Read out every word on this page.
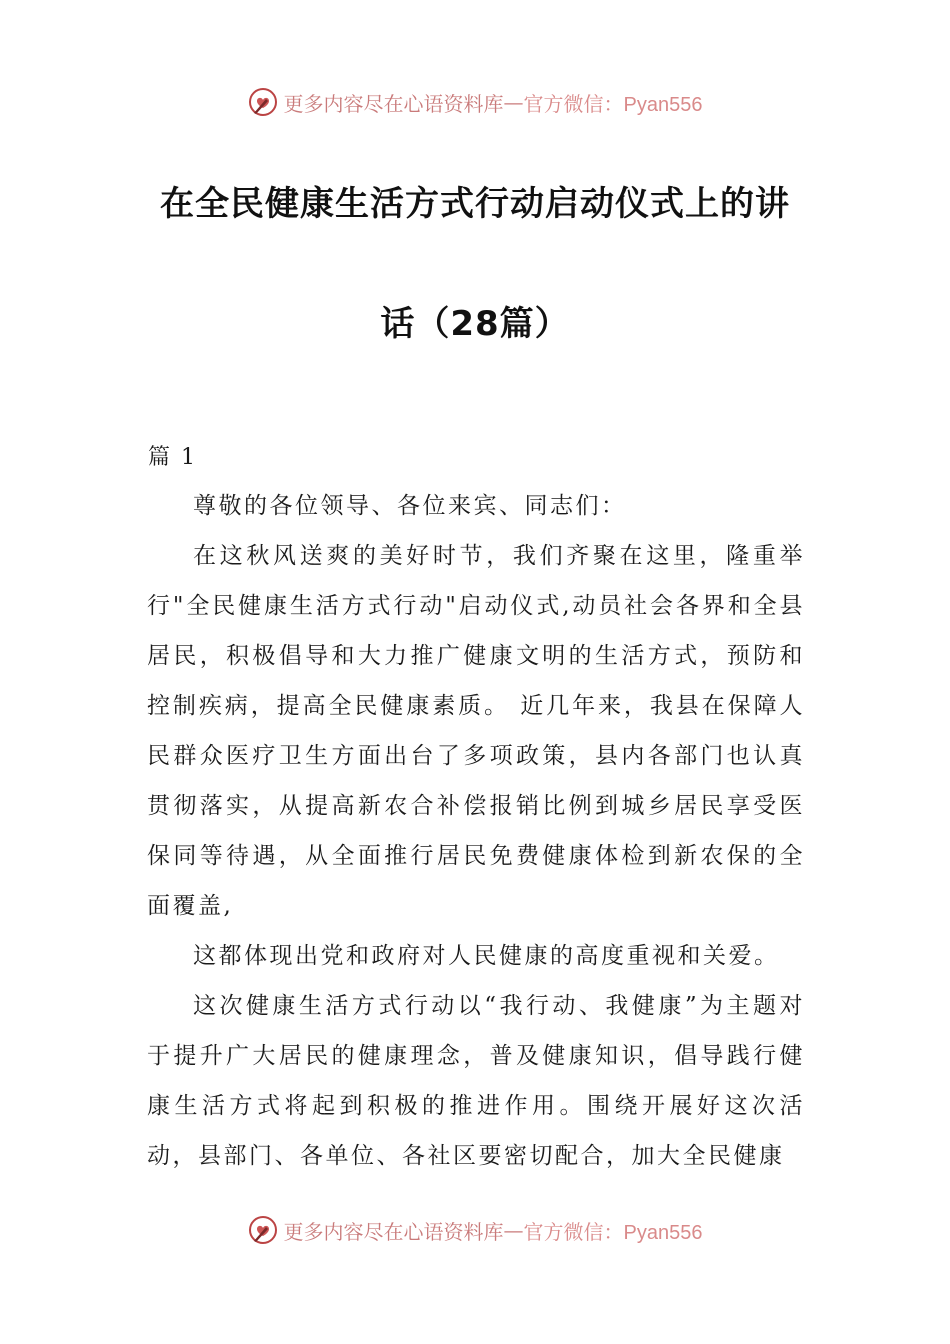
更多内容尽在心语资料库 — 官方微信：Pyan556
在全民健康生活方式行动启动仪式上的讲
话（28篇）
篇 1

尊敬的各位领导、各位来宾、同志们：

在这秋风送爽的美好时节，我们齐聚在这里，隆重举行"全民健康生活方式行动"启动仪式,动员社会各界和全县居民，积极倡导和大力推广健康文明的生活方式，预防和控制疾病，提高全民健康素质。 近几年来，我县在保障人民群众医疗卫生方面出台了多项政策，县内各部门也认真贯彻落实，从提高新农合补偿报销比例到城乡居民享受医保同等待遇，从全面推行居民免费健康体检到新农保的全面覆盖,

这都体现出党和政府对人民健康的高度重视和关爱。

这次健康生活方式行动以“我行动、我健康”为主题对于提升广大居民的健康理念，普及健康知识，倡导践行健康生活方式将起到积极的推进作用。围绕开展好这次活动，县部门、各单位、各社区要密切配合，加大全民健康

更多内容尽在心语资料库 — 官方微信：Pyan556
